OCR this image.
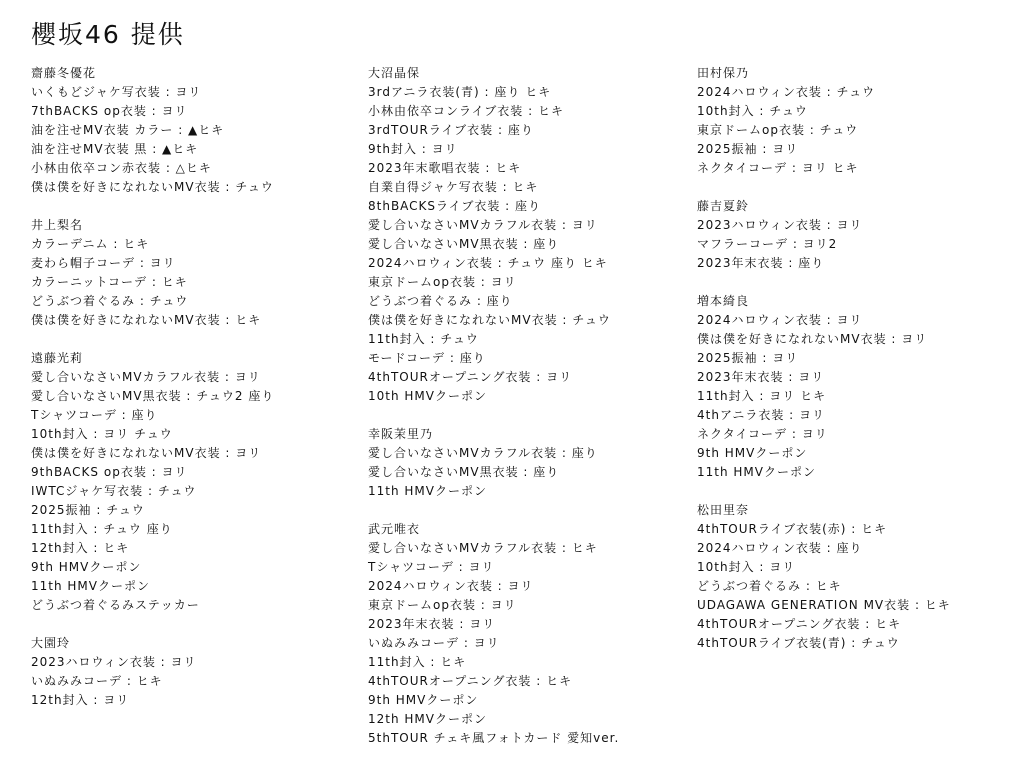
櫻坂46 提供
齋藤冬優花
いくもどジャケ写衣装 : ヨリ
7thBACKS op衣装 : ヨリ
油を注せMV衣装 カラー : ▲ヒキ
油を注せMV衣装 黒 : ▲ヒキ
小林由依卒コン赤衣装 : △ヒキ
僕は僕を好きになれないMV衣装 : チュウ
井上梨名
カラーデニム : ヒキ
麦わら帽子コーデ : ヨリ
カラーニットコーデ : ヒキ
どうぶつ着ぐるみ : チュウ
僕は僕を好きになれないMV衣装 : ヒキ
遠藤光莉
愛し合いなさいMVカラフル衣装 : ヨリ
愛し合いなさいMV黒衣装 : チュウ2 座り
Tシャツコーデ : 座り
10th封入 : ヨリ チュウ
僕は僕を好きになれないMV衣装 : ヨリ
9thBACKS op衣装 : ヨリ
IWTCジャケ写衣装 : チュウ
2025振袖 : チュウ
11th封入 : チュウ 座り
12th封入 : ヒキ
9th HMVクーポン
11th HMVクーポン
どうぶつ着ぐるみステッカー
大園玲
2023ハロウィン衣装 : ヨリ
いぬみみコーデ : ヒキ
12th封入 : ヨリ
大沼晶保
3rdアニラ衣装(青) : 座り ヒキ
小林由依卒コンライブ衣装 : ヒキ
3rdTOURライブ衣装 : 座り
9th封入 : ヨリ
2023年末歌唱衣装 : ヒキ
自業自得ジャケ写衣装 : ヒキ
8thBACKSライブ衣装 : 座り
愛し合いなさいMVカラフル衣装 : ヨリ
愛し合いなさいMV黒衣装 : 座り
2024ハロウィン衣装 : チュウ 座り ヒキ
東京ドームop衣装 : ヨリ
どうぶつ着ぐるみ : 座り
僕は僕を好きになれないMV衣装 : チュウ
11th封入 : チュウ
モードコーデ : 座り
4thTOURオープニング衣装 : ヨリ
10th HMVクーポン
幸阪茉里乃
愛し合いなさいMVカラフル衣装 : 座り
愛し合いなさいMV黒衣装 : 座り
11th HMVクーポン
武元唯衣
愛し合いなさいMVカラフル衣装 : ヒキ
Tシャツコーデ : ヨリ
2024ハロウィン衣装 : ヨリ
東京ドームop衣装 : ヨリ
2023年末衣装 : ヨリ
いぬみみコーデ : ヨリ
11th封入 : ヒキ
4thTOURオープニング衣装 : ヒキ
9th HMVクーポン
12th HMVクーポン
5thTOUR チェキ風フォトカード 愛知ver.
田村保乃
2024ハロウィン衣装 : チュウ
10th封入 : チュウ
東京ドームop衣装 : チュウ
2025振袖 : ヨリ
ネクタイコーデ : ヨリ ヒキ
藤吉夏鈴
2023ハロウィン衣装 : ヨリ
マフラーコーデ : ヨリ2
2023年末衣装 : 座り
増本綺良
2024ハロウィン衣装 : ヨリ
僕は僕を好きになれないMV衣装 : ヨリ
2025振袖 : ヨリ
2023年末衣装 : ヨリ
11th封入 : ヨリ ヒキ
4thアニラ衣装 : ヨリ
ネクタイコーデ : ヨリ
9th HMVクーポン
11th HMVクーポン
松田里奈
4thTOURライブ衣装(赤) : ヒキ
2024ハロウィン衣装 : 座り
10th封入 : ヨリ
どうぶつ着ぐるみ : ヒキ
UDAGAWA GENERATION MV衣装 : ヒキ
4thTOURオープニング衣装 : ヒキ
4thTOURライブ衣装(青) : チュウ
